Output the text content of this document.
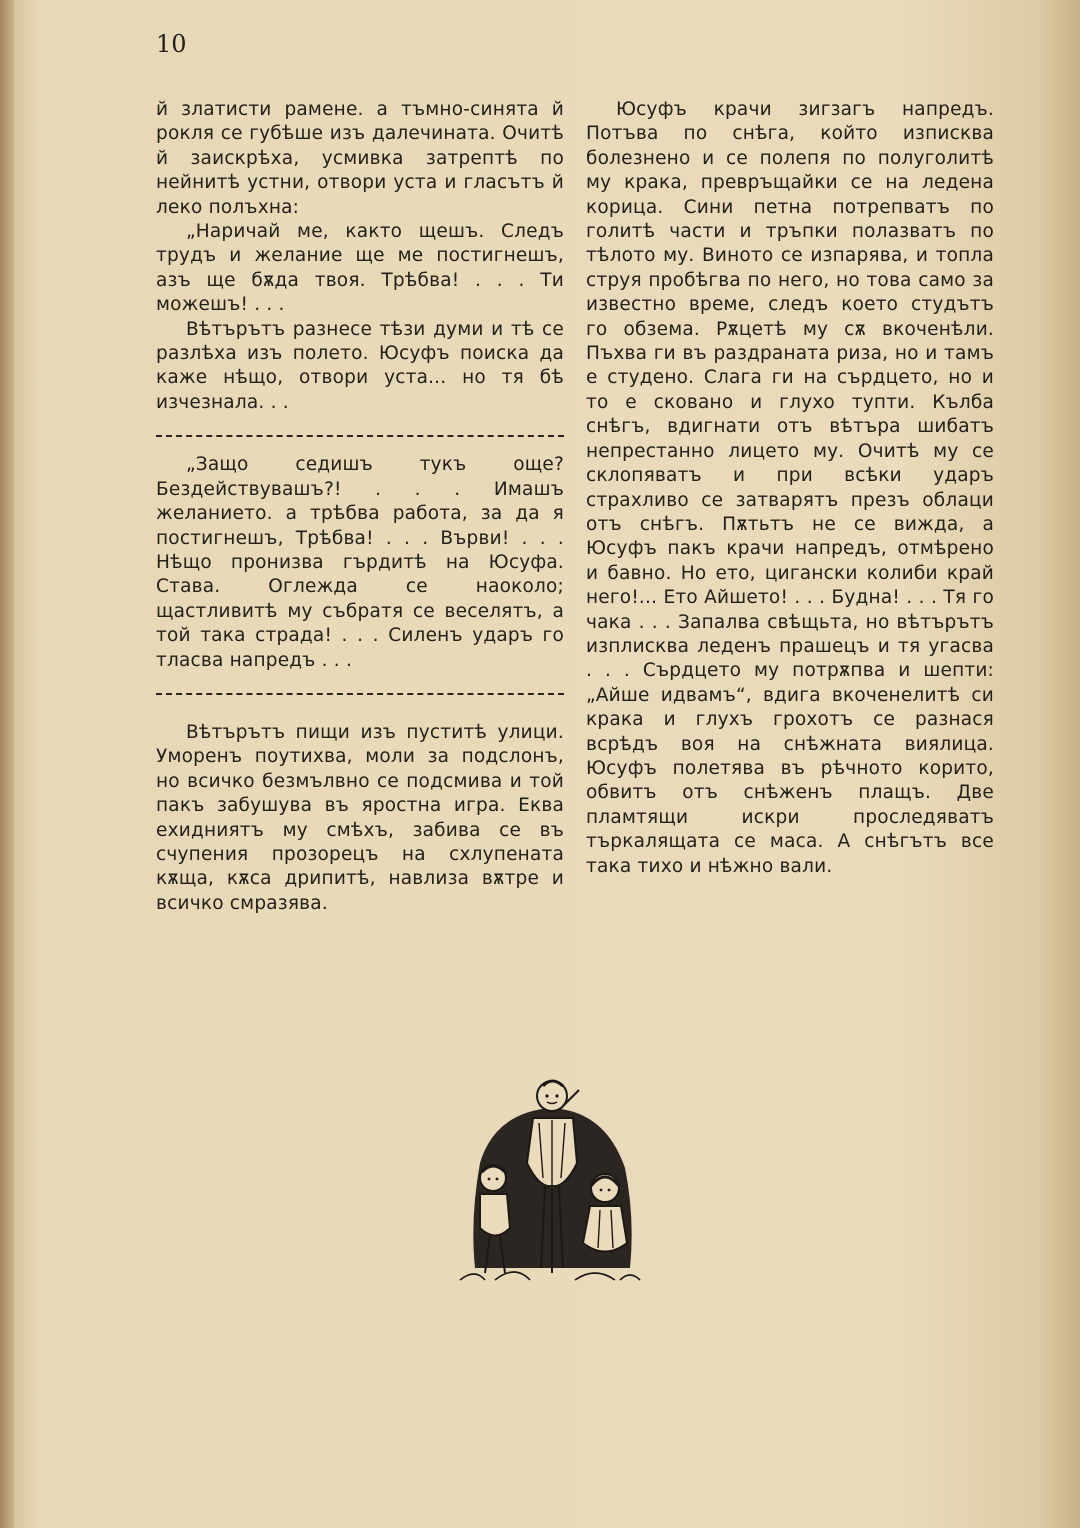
10

й златисти рамене. а тъмно-синята й рокля се губѣше изъ далечината. Очитѣ й заискрѣха, усмивка затрептѣ по нейнитѣ устни, отвори уста и гласътъ й леко полъхна:

„Наричай ме, както щешъ. Следъ трудъ и желание ще ме постигнешъ, азъ ще бѫда твоя. Трѣбва! . . . Ти можешъ! . . .

Вѣтърътъ разнесе тѣзи думи и тѣ се разлѣха изъ полето. Юсуфъ поиска да каже нѣщо, отвори уста... но тя бѣ изчезнала. . .

„Защо седишъ тукъ още? Бездействувашъ?! . . . Имашъ желанието. а трѣбва работа, за да я постигнешъ, Трѣбва! . . . Върви! . . . Нѣщо пронизва гърдитѣ на Юсуфа. Става. Оглежда се наоколо; щастливитѣ му събратя се веселятъ, а той така страда! . . . Силенъ ударъ го тласва напредъ . . .

Вѣтърътъ пищи изъ пуститѣ улици. Уморенъ поутихва, моли за подслонъ, но всичко безмълвно се подсмива и той пакъ забушува въ яростна игра. Еква ехидниятъ му смѣхъ, забива се въ счупения прозорецъ на схлупената кѫща, кѫса дрипитѣ, навлиза вѫтре и всичко смразява.

Юсуфъ крачи зигзагъ напредъ. Потъва по снѣга, който изписква болезнено и се полепя по полуголитѣ му крака, превръщайки се на ледена корица. Сини петна потрепватъ по голитѣ части и тръпки полазватъ по тѣлото му. Виното се изпарява, и топла струя пробѣгва по него, но това само за известно време, следъ което студътъ го обзема. Рѫцетѣ му сѫ вкоченѣли. Пъхва ги въ раздраната риза, но и тамъ е студено. Слага ги на сърдцето, но и то е сковано и глухо тупти. Кълба снѣгъ, вдигнати отъ вѣтъра шибатъ непрестанно лицето му. Очитѣ му се склопяватъ и при всѣки ударъ страхливо се затварятъ презъ облаци отъ снѣгъ. Пѫтьтъ не се вижда, а Юсуфъ пакъ крачи напредъ, отмѣрено и бавно. Но ето, цигански колиби край него!... Ето Айшето! . . . Будна! . . . Тя го чака . . . Запалва свѣщьта, но вѣтърътъ изплисква леденъ прашецъ и тя угасва . . . Сърдцето му потрѫпва и шепти: „Айше идвамъ“, вдига вкоченелитѣ си крака и глухъ грохотъ се разнася всрѣдъ воя на снѣжната виялица. Юсуфъ полетява въ рѣчното корито, обвитъ отъ снѣженъ плащъ. Две пламтящи искри проследяватъ търкалящата се маса. А снѣгътъ все така тихо и нѣжно вали.
